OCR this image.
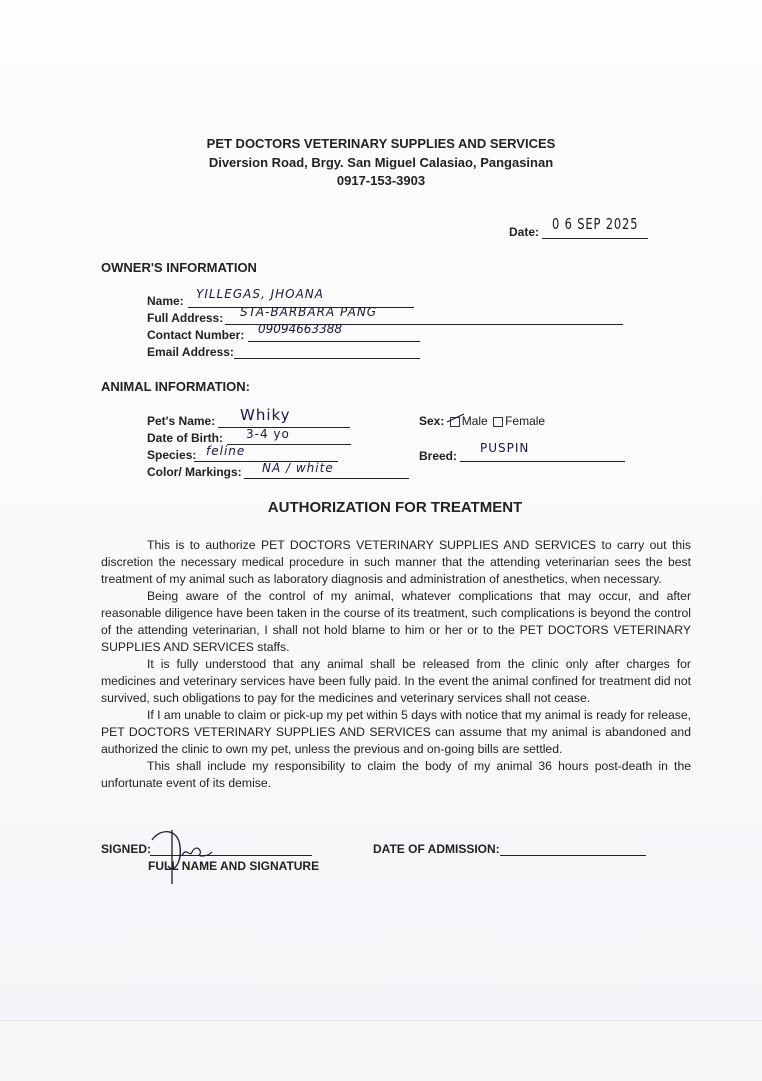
PET DOCTORS VETERINARY SUPPLIES AND SERVICES
Diversion Road, Brgy. San Miguel Calasiao, Pangasinan
0917-153-3903
Date: 0 6 SEP 2025
OWNER'S INFORMATION
Name: YILLEGAS, JHOANA
Full Address: STA-BARBARA PANG
Contact Number: 09094663388
Email Address:
ANIMAL INFORMATION:
Pet's Name: Whiky
Date of Birth: 3-4 yo
Species: feline
Color/ Markings: NA / white
Sex: Male Female
Breed:
PUSPIN
AUTHORIZATION FOR TREATMENT

This is to authorize PET DOCTORS VETERINARY SUPPLIES AND SERVICES to carry out this discretion the necessary medical procedure in such manner that the attending veterinarian sees the best treatment of my animal such as laboratory diagnosis and administration of anesthetics, when necessary.

Being aware of the control of my animal, whatever complications that may occur, and after reasonable diligence have been taken in the course of its treatment, such complications is beyond the control of the attending veterinarian, I shall not hold blame to him or her or to the PET DOCTORS VETERINARY SUPPLIES AND SERVICES staffs.

It is fully understood that any animal shall be released from the clinic only after charges for medicines and veterinary services have been fully paid. In the event the animal confined for treatment did not survived, such obligations to pay for the medicines and veterinary services shall not cease.

If I am unable to claim or pick-up my pet within 5 days with notice that my animal is ready for release, PET DOCTORS VETERINARY SUPPLIES AND SERVICES can assume that my animal is abandoned and authorized the clinic to own my pet, unless the previous and on-going bills are settled.

This shall include my responsibility to claim the body of my animal 36 hours post-death in the unfortunate event of its demise.

SIGNED:
FULL NAME AND SIGNATURE
DATE OF ADMISSION:
